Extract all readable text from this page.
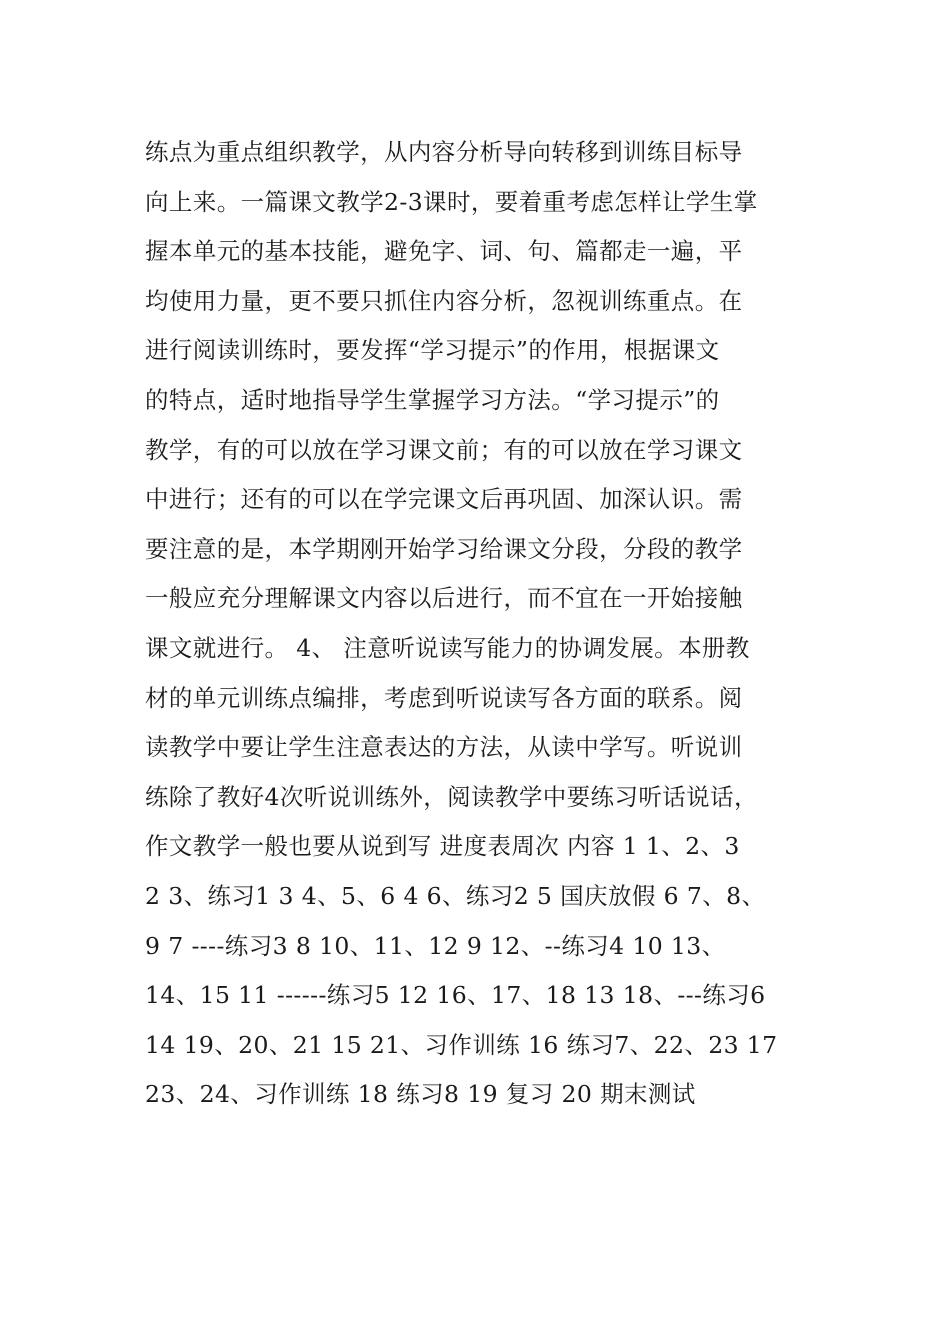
练点为重点组织教学，从内容分析导向转移到训练目标导
向上来。一篇课文教学2-3课时，要着重考虑怎样让学生掌
握本单元的基本技能，避免字、词、句、篇都走一遍，平
均使用力量，更不要只抓住内容分析，忽视训练重点。在
进行阅读训练时，要发挥“学习提示”的作用，根据课文
的特点，适时地指导学生掌握学习方法。“学习提示”的
教学，有的可以放在学习课文前；有的可以放在学习课文
中进行；还有的可以在学完课文后再巩固、加深认识。需
要注意的是，本学期刚开始学习给课文分段，分段的教学
一般应充分理解课文内容以后进行，而不宜在一开始接触
课文就进行。 4、 注意听说读写能力的协调发展。本册教
材的单元训练点编排，考虑到听说读写各方面的联系。阅
读教学中要让学生注意表达的方法，从读中学写。听说训
练除了教好4次听说训练外，阅读教学中要练习听话说话，
作文教学一般也要从说到写 进度表周次 内容 1 1、2、3
2 3、练习1 3 4、5、6 4 6、练习2 5 国庆放假 6 7、8、
9 7 ----练习3 8 10、11、12 9 12、--练习4 10 13、
14、15 11 ------练习5 12 16、17、18 13 18、---练习6
14 19、20、21 15 21、习作训练 16 练习7、22、23 17
23、24、习作训练 18 练习8 19 复习 20 期末测试
